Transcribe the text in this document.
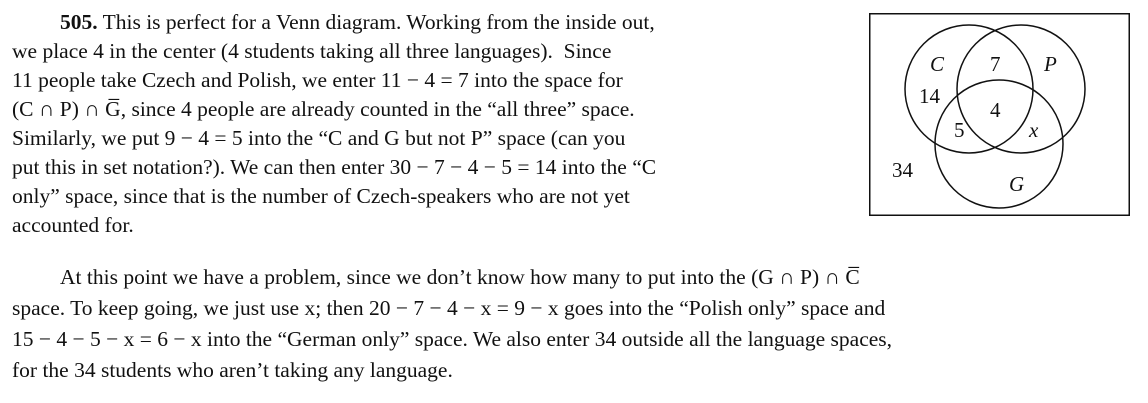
505. This is perfect for a Venn diagram. Working from the inside out,
we place 4 in the center (4 students taking all three languages).  Since
11 people take Czech and Polish, we enter 11 − 4 = 7 into the space for
(C ∩ P) ∩ G̅, since 4 people are already counted in the “all three” space.
Similarly, we put 9 − 4 = 5 into the “C and G but not P” space (can you
put this in set notation?). We can then enter 30 − 7 − 4 − 5 = 14 into the “C
only” space, since that is the number of Czech-speakers who are not yet
accounted for.
C	P
G
14
7
4
5	x
34
At this point we have a problem, since we don’t know how many to put into the (G ∩ P) ∩ C̅
space. To keep going, we just use x; then 20 − 7 − 4 − x = 9 − x goes into the “Polish only” space and
15 − 4 − 5 − x = 6 − x into the “German only” space. We also enter 34 outside all the language spaces,
for the 34 students who aren’t taking any language.
